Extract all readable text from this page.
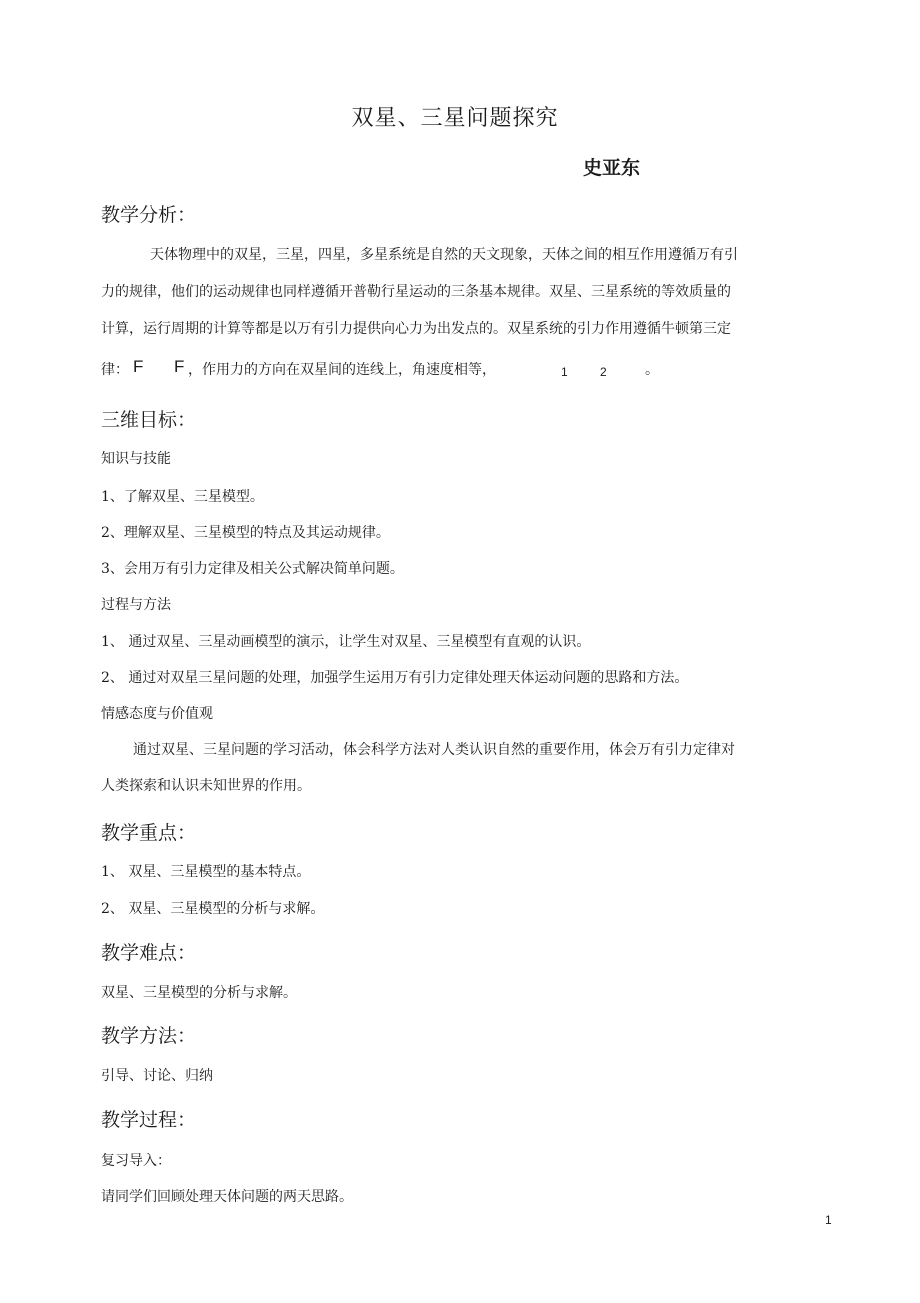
双星、三星问题探究
史亚东
教学分析：
天体物理中的双星，三星，四星，多星系统是自然的天文现象，天体之间的相互作用遵循万有引
力的规律，他们的运动规律也同样遵循开普勒行星运动的三条基本规律。双星、三星系统的等效质量的
计算，运行周期的计算等都是以万有引力提供向心力为出发点的。双星系统的引力作用遵循牛顿第三定
律： F F ，作用力的方向在双星间的连线上，角速度相等，	1	2	。
三维目标：
知识与技能
1、了解双星、三星模型。
2、理解双星、三星模型的特点及其运动规律。
3、会用万有引力定律及相关公式解决简单问题。
过程与方法
1、 通过双星、三星动画模型的演示，让学生对双星、三星模型有直观的认识。
2、 通过对双星三星问题的处理，加强学生运用万有引力定律处理天体运动问题的思路和方法。
情感态度与价值观
通过双星、三星问题的学习活动，体会科学方法对人类认识自然的重要作用，体会万有引力定律对
人类探索和认识未知世界的作用。
教学重点：
1、 双星、三星模型的基本特点。
2、 双星、三星模型的分析与求解。
教学难点：
双星、三星模型的分析与求解。
教学方法：
引导、讨论、归纳
教学过程：
复习导入：
请同学们回顾处理天体问题的两天思路。
1
